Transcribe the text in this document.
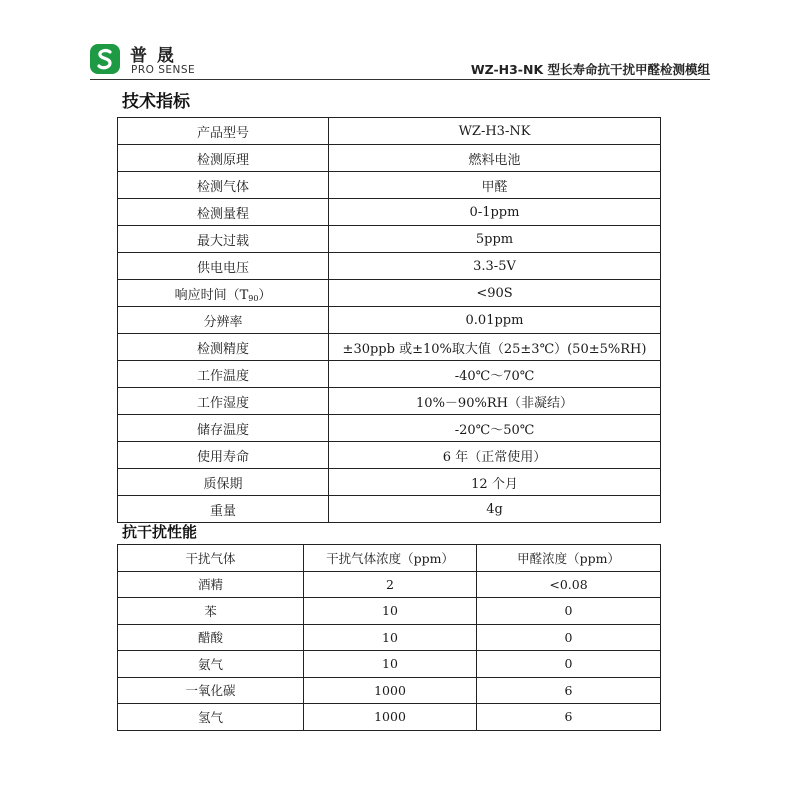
普 晟
PRO SENSE	WZ-H3-NK 型长寿命抗干扰甲醛检测模组
技术指标
产品型号	WZ-H3-NK
检测原理	燃料电池
检测气体	甲醛
检测量程	0-1ppm
最大过载	5ppm
供电电压	3.3-5V
响应时间$(T_{90})$	<90S
分辨率	0.01ppm
检测精度	±30ppb 或±10%取大值（25±3℃）(50±5%RH)
工作温度	-40℃～70℃
工作湿度	10%－90%RH（非凝结）
储存温度	-20℃～50℃
使用寿命	6 年（正常使用）
质保期	12 个月
重量	4g
抗干扰性能
干扰气体	干扰气体浓度（ppm）	甲醛浓度（ppm）
酒精	2	<0.08
苯	10	0
醋酸	10	0
氨气	10	0
一氧化碳	1000	6
氢气	1000	6
